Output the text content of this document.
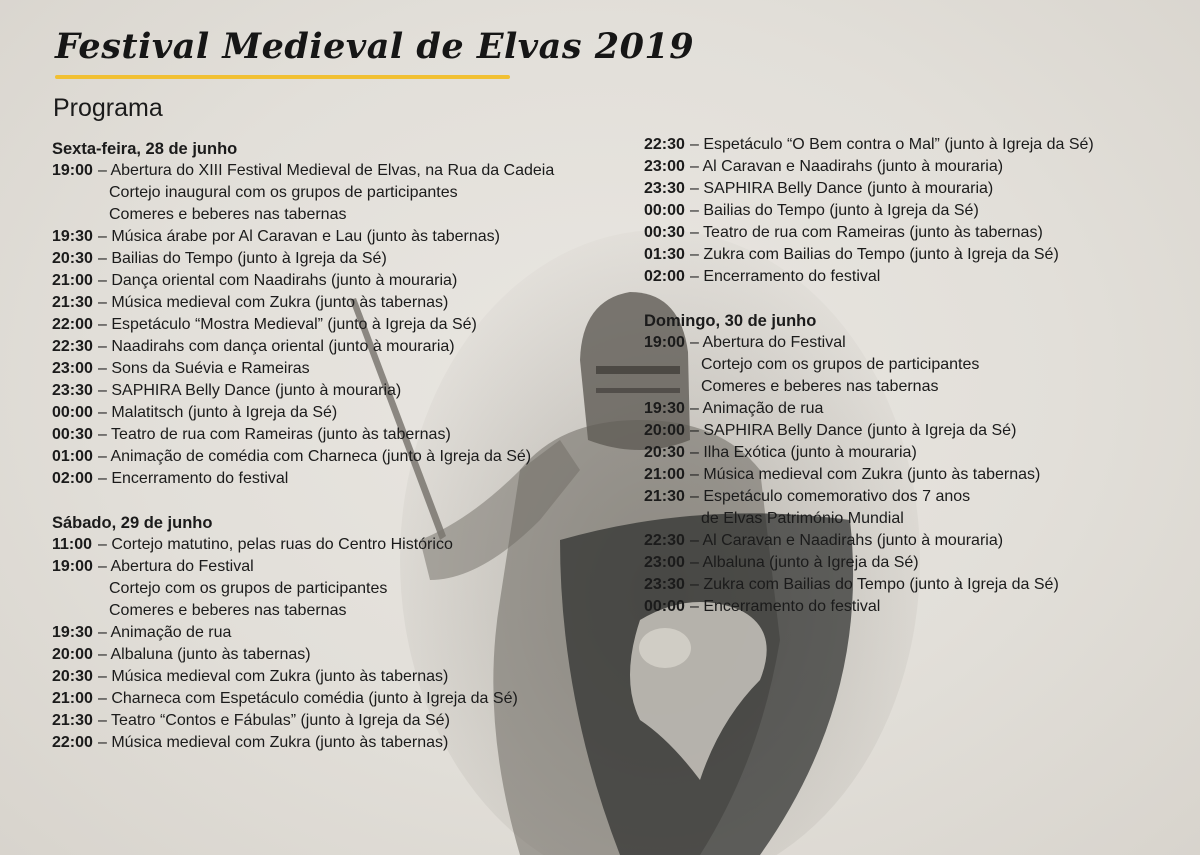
Festival Medieval de Elvas 2019
Programa
Sexta-feira, 28 de junho
19:00 – Abertura do XIII Festival Medieval de Elvas, na Rua da Cadeia
Cortejo inaugural com os grupos de participantes
Comeres e beberes nas tabernas
19:30 – Música árabe por Al Caravan e Lau (junto às tabernas)
20:30 – Bailias do Tempo (junto à Igreja da Sé)
21:00 – Dança oriental com Naadirahs (junto à mouraria)
21:30 – Música medieval com Zukra (junto às tabernas)
22:00 – Espetáculo “Mostra Medieval” (junto à Igreja da Sé)
22:30 – Naadirahs com dança oriental (junto à mouraria)
23:00 – Sons da Suévia e Rameiras
23:30 – SAPHIRA Belly Dance (junto à mouraria)
00:00 – Malatitsch (junto à Igreja da Sé)
00:30 – Teatro de rua com Rameiras (junto às tabernas)
01:00 – Animação de comédia com Charneca (junto à Igreja da Sé)
02:00 – Encerramento do festival
Sábado, 29 de junho
11:00 – Cortejo matutino, pelas ruas do Centro Histórico
19:00 – Abertura do Festival
Cortejo com os grupos de participantes
Comeres e beberes nas tabernas
19:30 – Animação de rua
20:00 – Albaluna (junto às tabernas)
20:30 – Música medieval com Zukra (junto às tabernas)
21:00 – Charneca com Espetáculo comédia (junto à Igreja da Sé)
21:30 – Teatro “Contos e Fábulas” (junto à Igreja da Sé)
22:00 – Música medieval com Zukra (junto às tabernas)
22:30 – Espetáculo “O Bem contra o Mal” (junto à Igreja da Sé)
23:00 – Al Caravan e Naadirahs (junto à mouraria)
23:30 – SAPHIRA Belly Dance (junto à mouraria)
00:00 – Bailias do Tempo (junto à Igreja da Sé)
00:30 – Teatro de rua com Rameiras (junto às tabernas)
01:30 – Zukra com Bailias do Tempo (junto à Igreja da Sé)
02:00 – Encerramento do festival
Domingo, 30 de junho
19:00 – Abertura do Festival
Cortejo com os grupos de participantes
Comeres e beberes nas tabernas
19:30 – Animação de rua
20:00 – SAPHIRA Belly Dance (junto à Igreja da Sé)
20:30 – Ilha Exótica (junto à mouraria)
21:00 – Música medieval com Zukra (junto às tabernas)
21:30 – Espetáculo comemorativo dos 7 anos
de Elvas Património Mundial
22:30 – Al Caravan e Naadirahs (junto à mouraria)
23:00 – Albaluna (junto à Igreja da Sé)
23:30 – Zukra com Bailias do Tempo (junto à Igreja da Sé)
00:00 – Encerramento do festival
